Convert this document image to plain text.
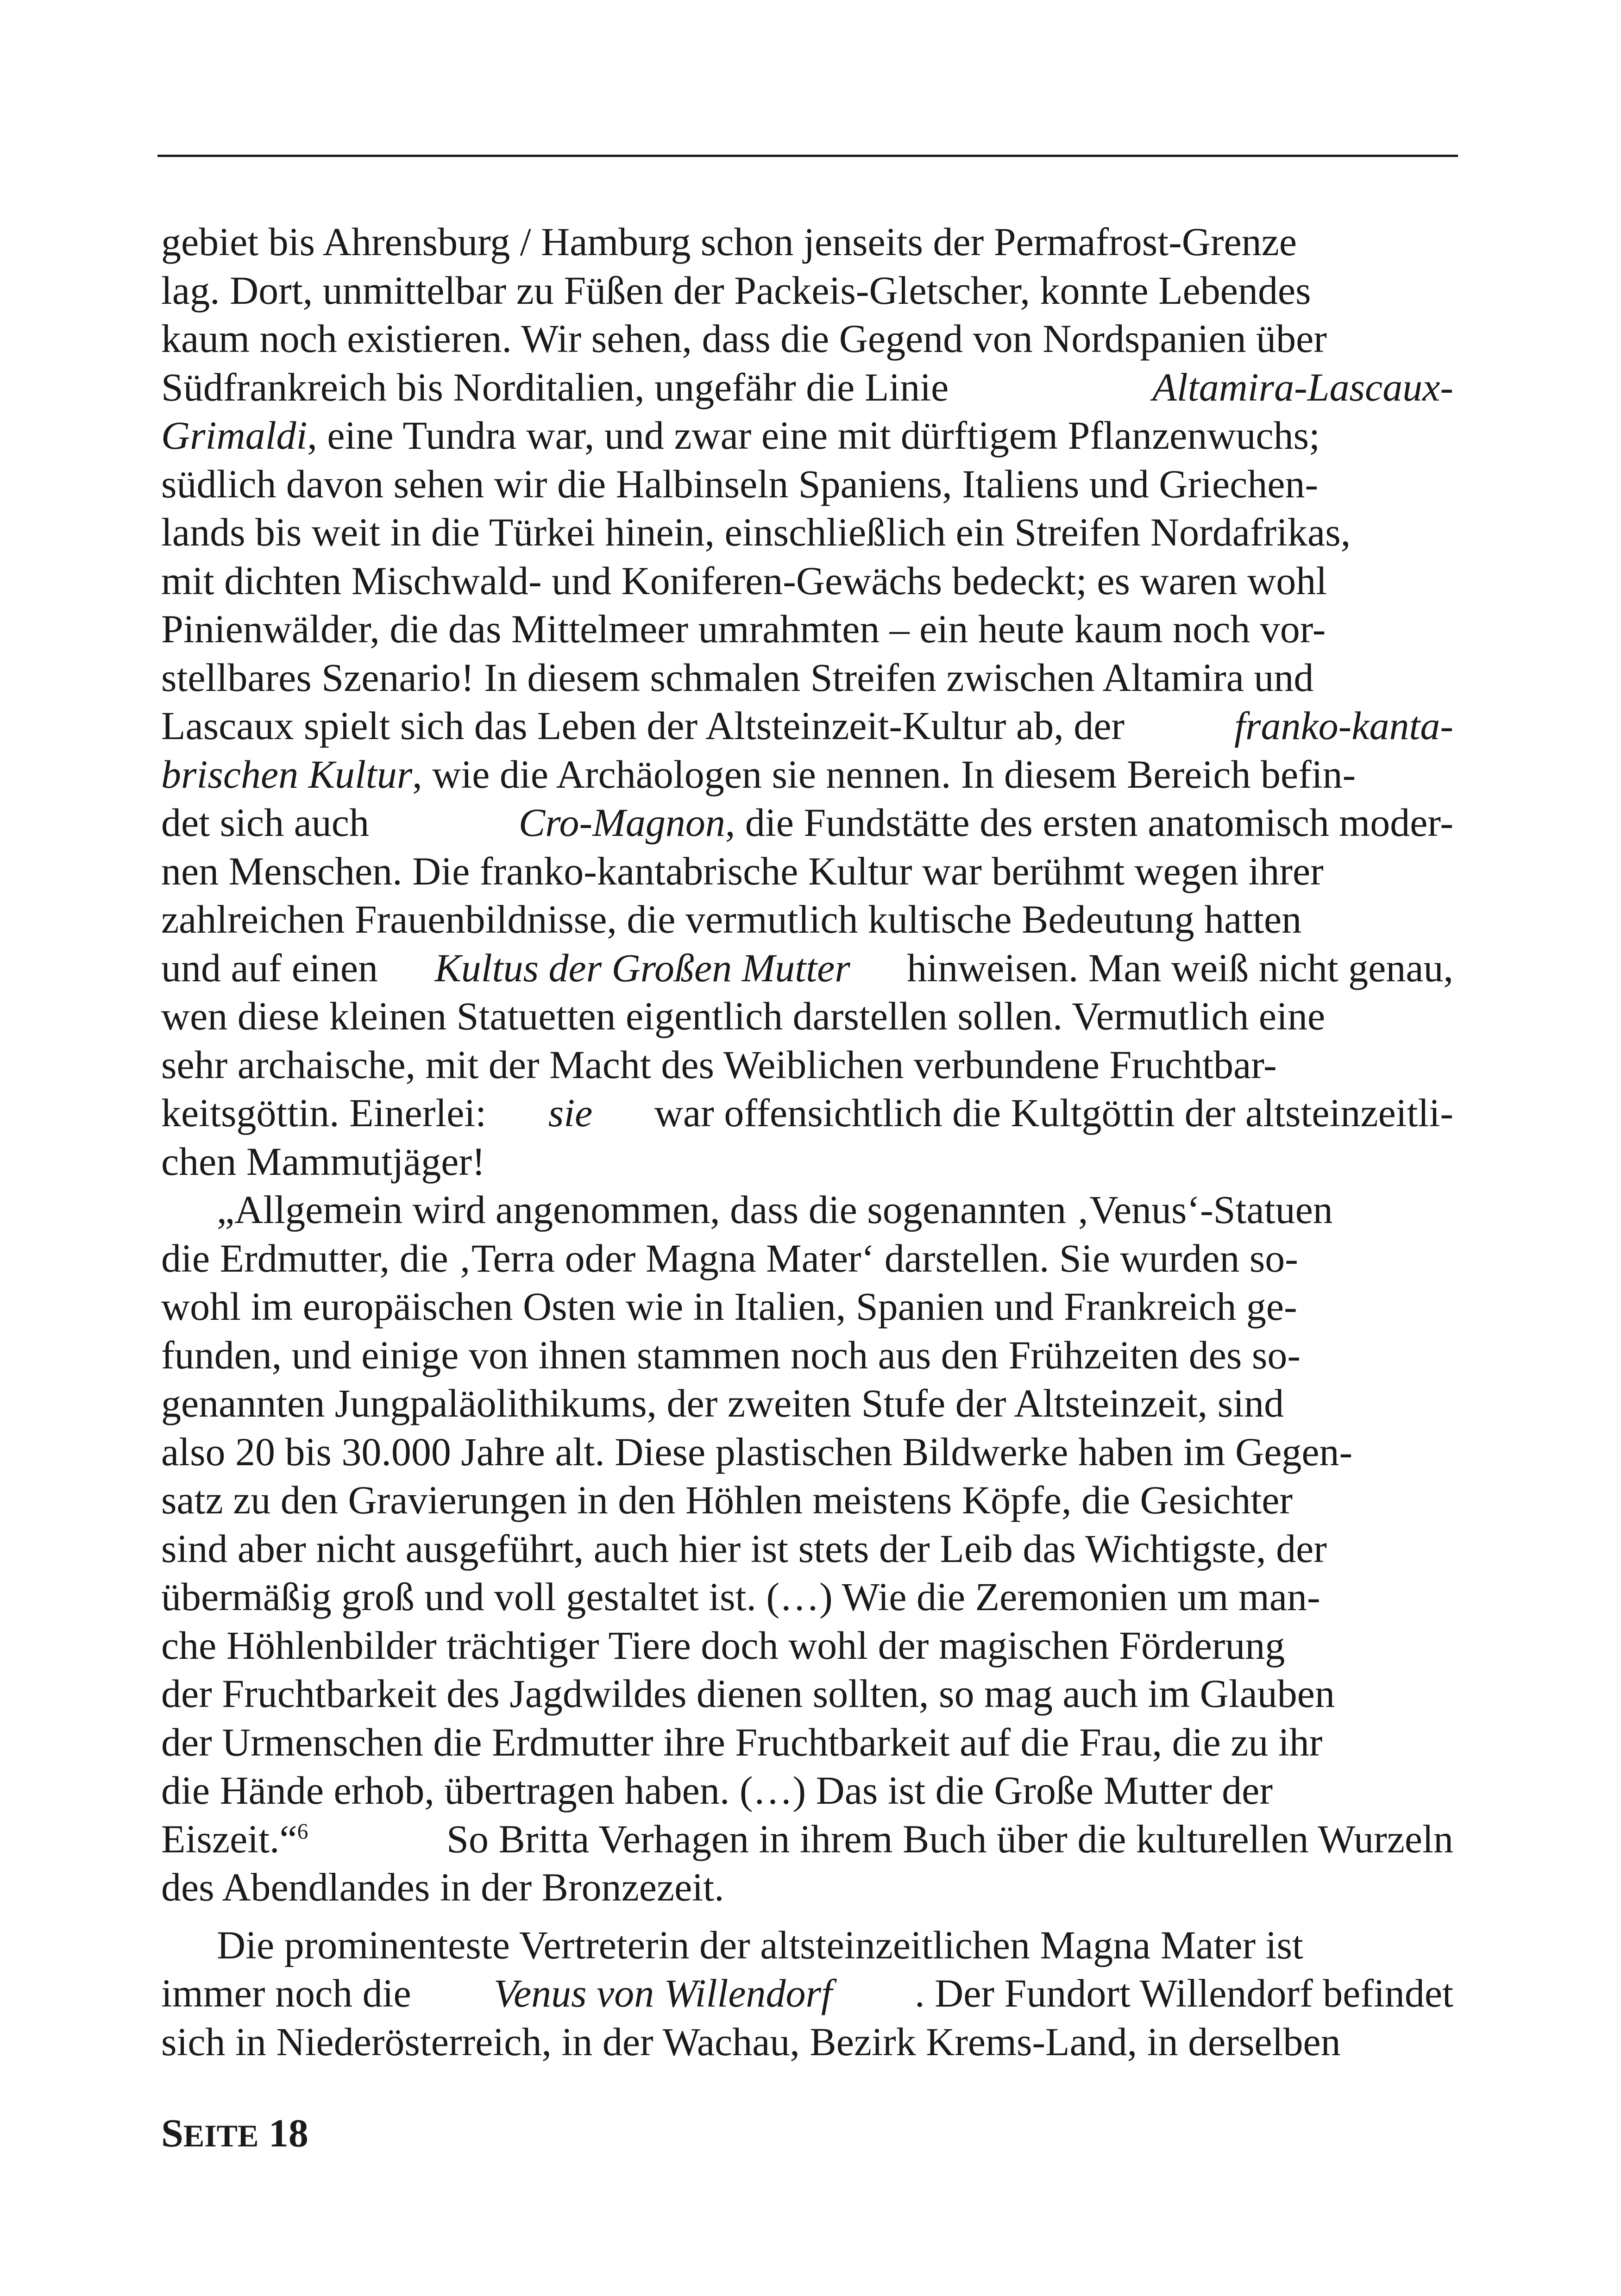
gebiet bis Ahrensburg / Hamburg schon jenseits der Permafrost-Grenze
lag. Dort, unmittelbar zu Füßen der Packeis-Gletscher, konnte Lebendes
kaum noch existieren. Wir sehen, dass die Gegend von Nordspanien über
Südfrankreich bis Norditalien, ungefähr die Linie	Altamira-Lascaux-
Grimaldi, eine Tundra war, und zwar eine mit dürftigem Pflanzenwuchs;
südlich davon sehen wir die Halbinseln Spaniens, Italiens und Griechen-
lands bis weit in die Türkei hinein, einschließlich ein Streifen Nordafrikas,
mit dichten Mischwald- und Koniferen-Gewächs bedeckt; es waren wohl
Pinienwälder, die das Mittelmeer umrahmten – ein heute kaum noch vor-
stellbares Szenario! In diesem schmalen Streifen zwischen Altamira und
Lascaux spielt sich das Leben der Altsteinzeit-Kultur ab, der	franko-kanta-
brischen Kultur, wie die Archäologen sie nennen. In diesem Bereich befin-
det sich auch	Cro-Magnon, die Fundstätte des ersten anatomisch moder-
nen Menschen. Die franko-kantabrische Kultur war berühmt wegen ihrer
zahlreichen Frauenbildnisse, die vermutlich kultische Bedeutung hatten
und auf einen Kultus der Großen Mutter hinweisen. Man weiß nicht genau,
wen diese kleinen Statuetten eigentlich darstellen sollen. Vermutlich eine
sehr archaische, mit der Macht des Weiblichen verbundene Fruchtbar-
keitsgöttin. Einerlei: sie war offensichtlich die Kultgöttin der altsteinzeitli-
chen Mammutjäger!
„Allgemein wird angenommen, dass die sogenannten ‚Venus‘-Statuen
die Erdmutter, die ‚Terra oder Magna Mater‘ darstellen. Sie wurden so-
wohl im europäischen Osten wie in Italien, Spanien und Frankreich ge-
funden, und einige von ihnen stammen noch aus den Frühzeiten des so-
genannten Jungpaläolithikums, der zweiten Stufe der Altsteinzeit, sind
also 20 bis 30.000 Jahre alt. Diese plastischen Bildwerke haben im Gegen-
satz zu den Gravierungen in den Höhlen meistens Köpfe, die Gesichter
sind aber nicht ausgeführt, auch hier ist stets der Leib das Wichtigste, der
übermäßig groß und voll gestaltet ist. (…) Wie die Zeremonien um man-
che Höhlenbilder trächtiger Tiere doch wohl der magischen Förderung
der Fruchtbarkeit des Jagdwildes dienen sollten, so mag auch im Glauben
der Urmenschen die Erdmutter ihre Fruchtbarkeit auf die Frau, die zu ihr
die Hände erhob, übertragen haben. (…) Das ist die Große Mutter der
Eiszeit.“$^6$	So Britta Verhagen in ihrem Buch über die kulturellen Wurzeln
des Abendlandes in der Bronzezeit.
Die prominenteste Vertreterin der altsteinzeitlichen Magna Mater ist
immer noch die Venus von Willendorf . Der Fundort Willendorf befindet
sich in Niederösterreich, in der Wachau, Bezirk Krems-Land, in derselben
SEITE 18
